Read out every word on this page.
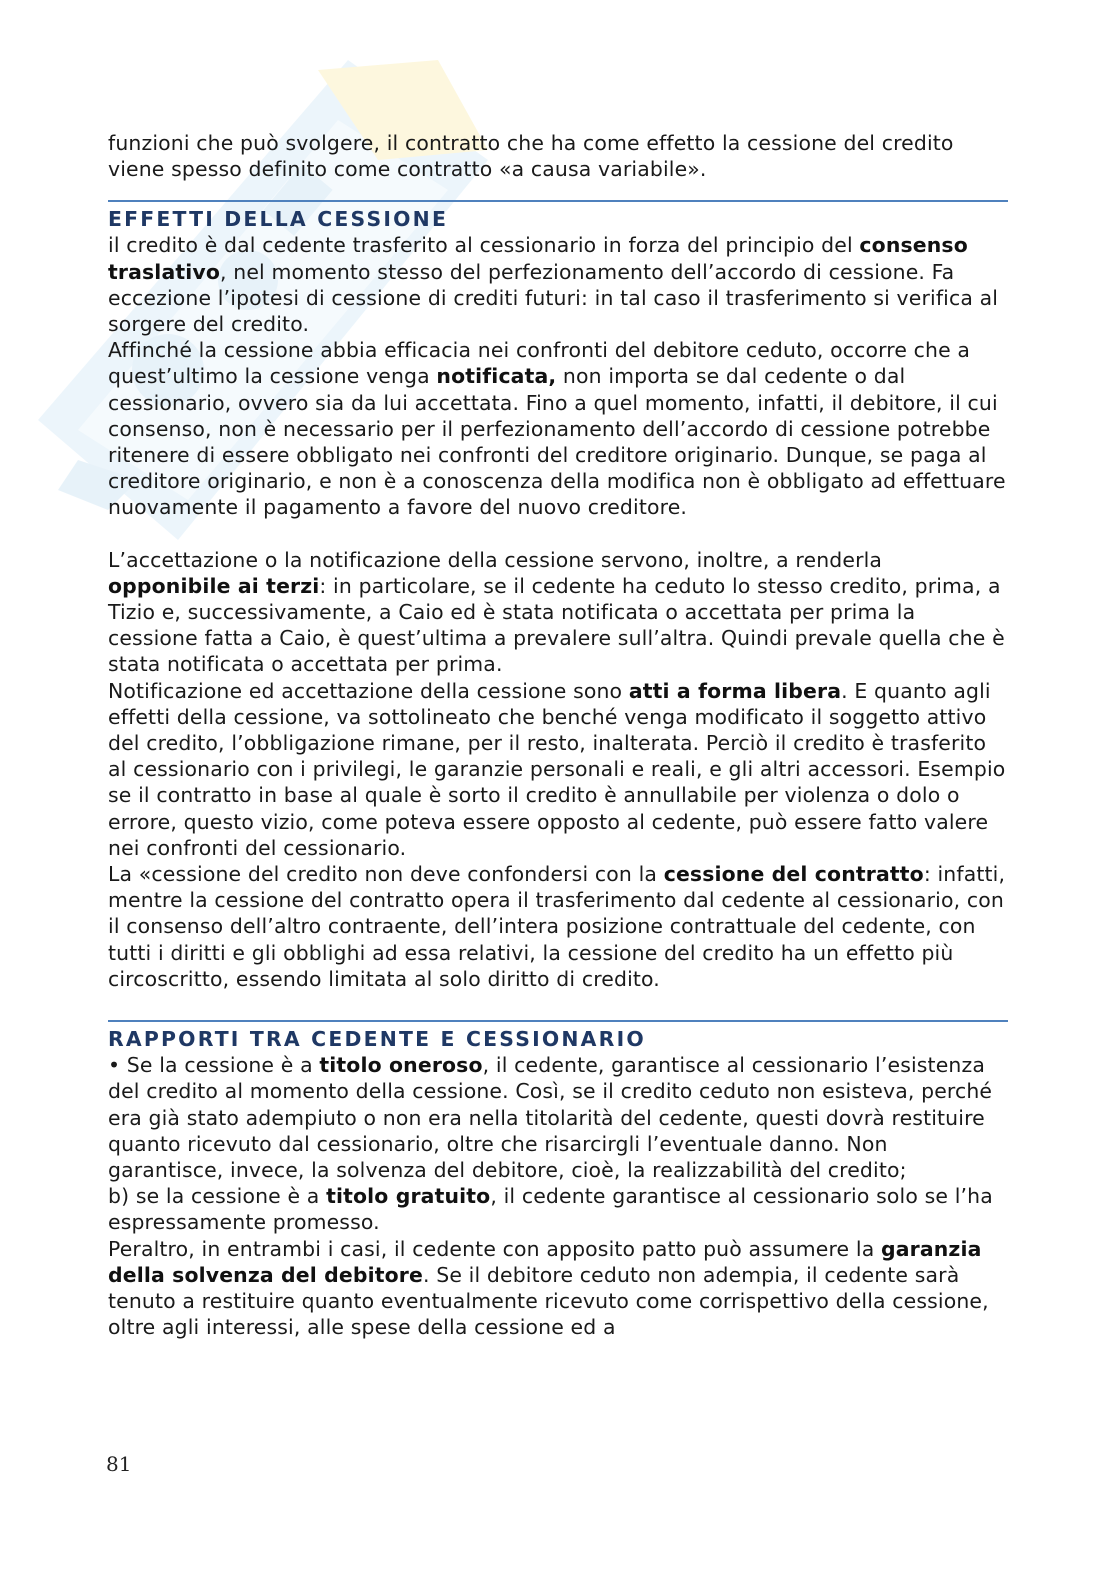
funzioni che può svolgere, il contratto che ha come effetto la cessione del credito viene spesso definito come contratto «a causa variabile».

EFFETTI DELLA CESSIONE

il credito è dal cedente trasferito al cessionario in forza del principio del consenso traslativo, nel momento stesso del perfezionamento dell’accordo di cessione. Fa eccezione l’ipotesi di cessione di crediti futuri: in tal caso il trasferimento si verifica al sorgere del credito.

Affinché la cessione abbia efficacia nei confronti del debitore ceduto, occorre che a quest’ultimo la cessione venga notificata, non importa se dal cedente o dal cessionario, ovvero sia da lui accettata. Fino a quel momento, infatti, il debitore, il cui consenso, non è necessario per il perfezionamento dell’accordo di cessione potrebbe ritenere di essere obbligato nei confronti del creditore originario. Dunque, se paga al creditore originario, e non è a conoscenza della modifica non è obbligato ad effettuare nuovamente il pagamento a favore del nuovo creditore.

L’accettazione o la notificazione della cessione servono, inoltre, a renderla opponibile ai terzi: in particolare, se il cedente ha ceduto lo stesso credito, prima, a Tizio e, successivamente, a Caio ed è stata notificata o accettata per prima la cessione fatta a Caio, è quest’ultima a prevalere sull’altra. Quindi prevale quella che è stata notificata o accettata per prima.

Notificazione ed accettazione della cessione sono atti a forma libera. E quanto agli effetti della cessione, va sottolineato che benché venga modificato il soggetto attivo del credito, l’obbligazione rimane, per il resto, inalterata. Perciò il credito è trasferito al cessionario con i privilegi, le garanzie personali e reali, e gli altri accessori. Esempio se il contratto in base al quale è sorto il credito è annullabile per violenza o dolo o errore, questo vizio, come poteva essere opposto al cedente, può essere fatto valere nei confronti del cessionario.

La «cessione del credito non deve confondersi con la cessione del contratto: infatti, mentre la cessione del contratto opera il trasferimento dal cedente al cessionario, con il consenso dell’altro contraente, dell’intera posizione contrattuale del cedente, con tutti i diritti e gli obblighi ad essa relativi, la cessione del credito ha un effetto più circoscritto, essendo limitata al solo diritto di credito.

RAPPORTI TRA CEDENTE E CESSIONARIO

• Se la cessione è a titolo oneroso, il cedente, garantisce al cessionario l’esistenza del credito al momento della cessione. Così, se il credito ceduto non esisteva, perché era già stato adempiuto o non era nella titolarità del cedente, questi dovrà restituire quanto ricevuto dal cessionario, oltre che risarcirgli l’eventuale danno. Non garantisce, invece, la solvenza del debitore, cioè, la realizzabilità del credito;

b) se la cessione è a titolo gratuito, il cedente garantisce al cessionario solo se l’ha espressamente promesso.

Peraltro, in entrambi i casi, il cedente con apposito patto può assumere la garanzia della solvenza del debitore. Se il debitore ceduto non adempia, il cedente sarà tenuto a restituire quanto eventualmente ricevuto come corrispettivo della cessione, oltre agli interessi, alle spese della cessione ed a

81
